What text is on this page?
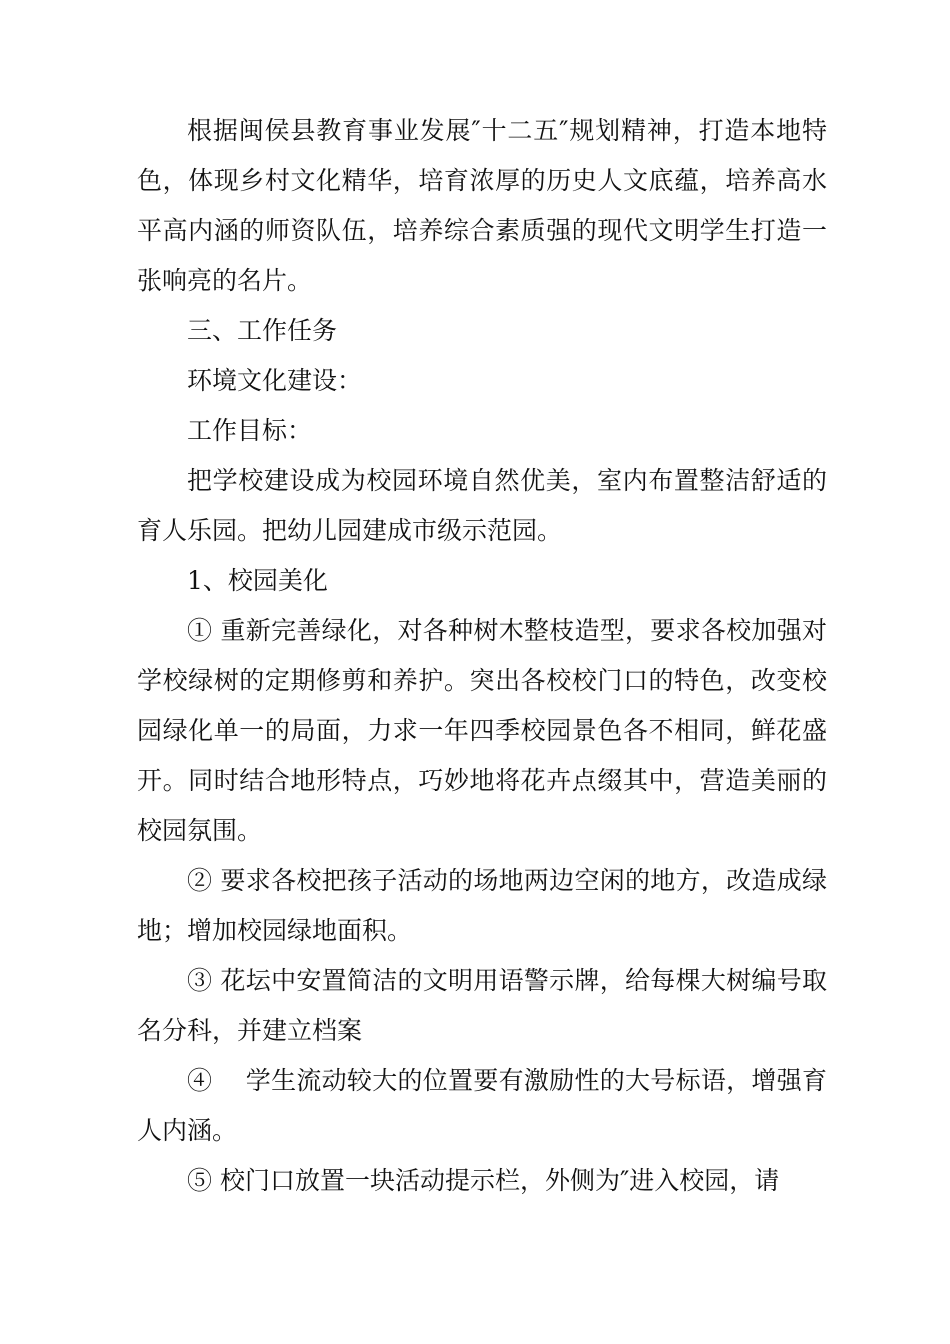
根据闽侯县教育事业发展″十二五″规划精神，打造本地特色，体现乡村文化精华，培育浓厚的历史人文底蕴，培养高水平高内涵的师资队伍，培养综合素质强的现代文明学生打造一张响亮的名片。

三、工作任务

环境文化建设：

工作目标：

把学校建设成为校园环境自然优美，室内布置整洁舒适的育人乐园。把幼儿园建成市级示范园。

1、校园美化

① 重新完善绿化，对各种树木整枝造型，要求各校加强对学校绿树的定期修剪和养护。突出各校校门口的特色，改变校园绿化单一的局面，力求一年四季校园景色各不相同，鲜花盛开。同时结合地形特点，巧妙地将花卉点缀其中，营造美丽的校园氛围。

② 要求各校把孩子活动的场地两边空闲的地方，改造成绿地；增加校园绿地面积。

③ 花坛中安置简洁的文明用语警示牌，给每棵大树编号取名分科，并建立档案

④　 学生流动较大的位置要有激励性的大号标语，增强育人内涵。

⑤ 校门口放置一块活动提示栏，外侧为″进入校园，请
